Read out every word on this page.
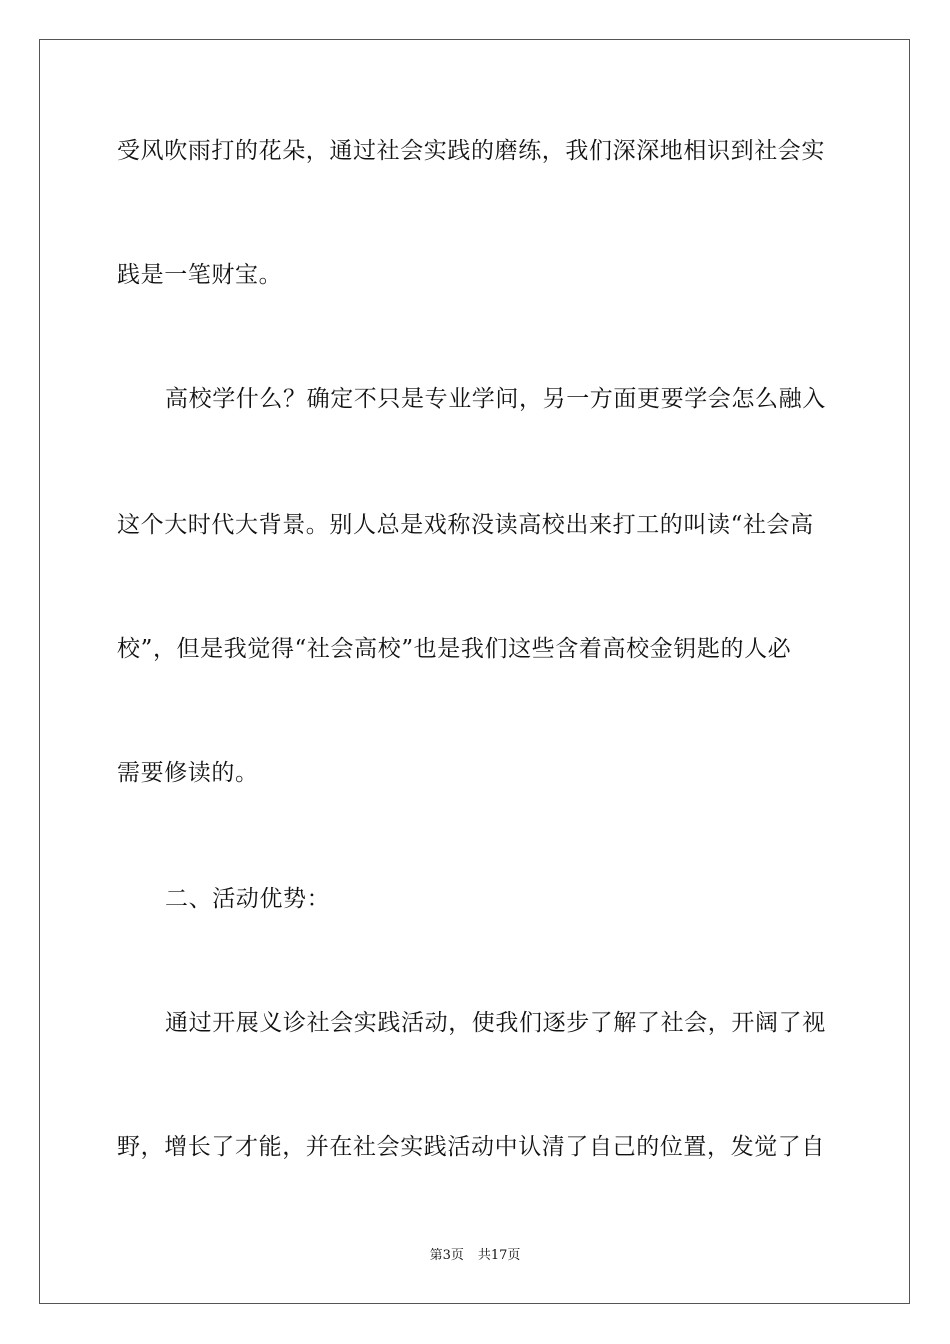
受风吹雨打的花朵，通过社会实践的磨练，我们深深地相识到社会实
践是一笔财宝。
高校学什么？确定不只是专业学问，另一方面更要学会怎么融入
这个大时代大背景。别人总是戏称没读高校出来打工的叫读“社会高
校”，但是我觉得“社会高校”也是我们这些含着高校金钥匙的人必
需要修读的。
二、活动优势：
通过开展义诊社会实践活动，使我们逐步了解了社会，开阔了视
野，增长了才能，并在社会实践活动中认清了自己的位置，发觉了自
第3页 共17页
